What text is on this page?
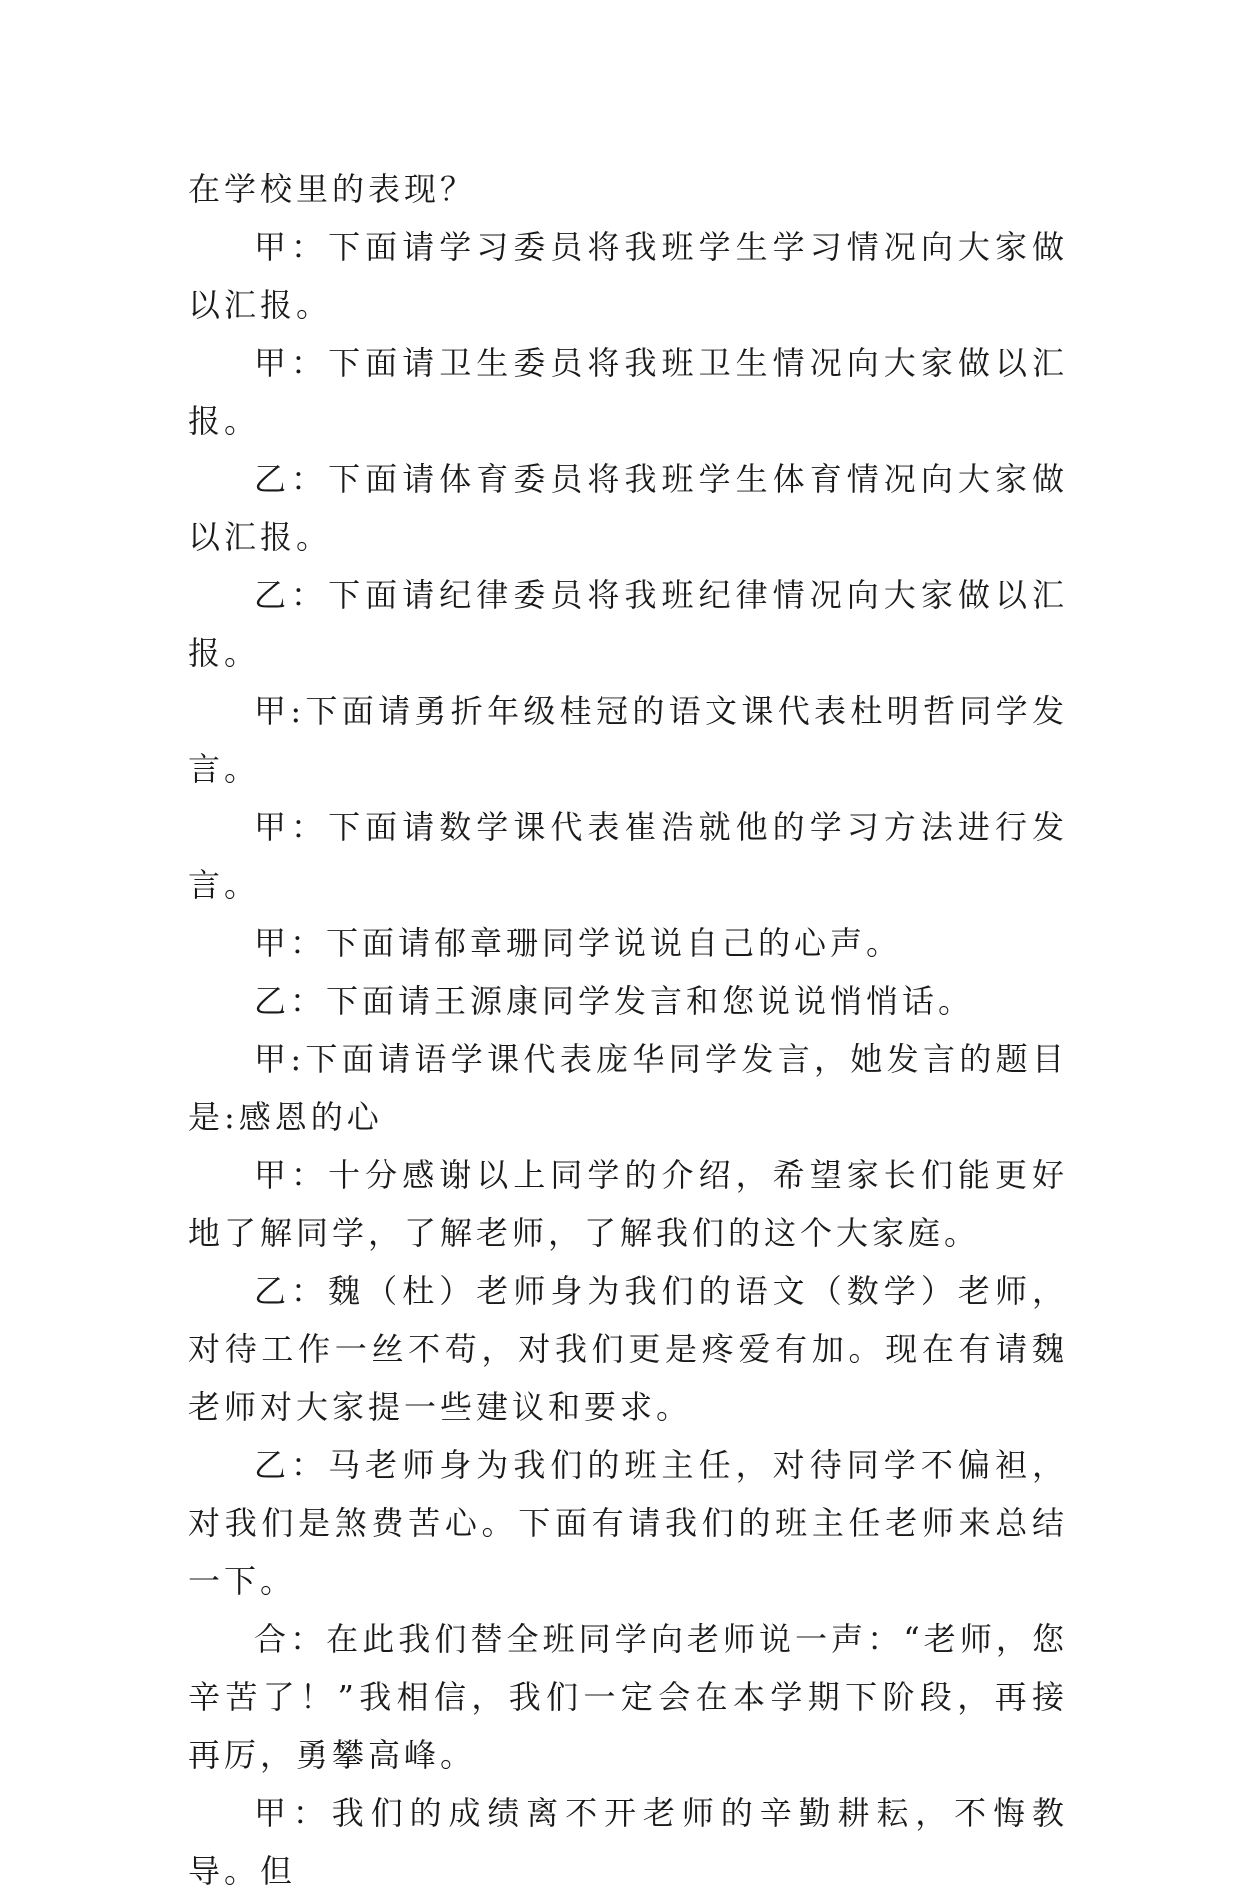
在学校里的表现？

甲：下面请学习委员将我班学生学习情况向大家做以汇报。

甲：下面请卫生委员将我班卫生情况向大家做以汇报。

乙：下面请体育委员将我班学生体育情况向大家做以汇报。

乙：下面请纪律委员将我班纪律情况向大家做以汇报。

甲:下面请勇折年级桂冠的语文课代表杜明哲同学发言。

甲：下面请数学课代表崔浩就他的学习方法进行发言。

甲：下面请郁章珊同学说说自己的心声。

乙：下面请王源康同学发言和您说说悄悄话。

甲:下面请语学课代表庞华同学发言，她发言的题目是:感恩的心

甲：十分感谢以上同学的介绍，希望家长们能更好地了解同学，了解老师，了解我们的这个大家庭。

乙：魏（杜）老师身为我们的语文（数学）老师，对待工作一丝不苟，对我们更是疼爱有加。现在有请魏老师对大家提一些建议和要求。

乙：马老师身为我们的班主任，对待同学不偏袒，对我们是煞费苦心。下面有请我们的班主任老师来总结一下。

合：在此我们替全班同学向老师说一声：“老师，您辛苦了！”我相信，我们一定会在本学期下阶段，再接再厉，勇攀高峰。

甲：我们的成绩离不开老师的辛勤耕耘，不悔教导。但
